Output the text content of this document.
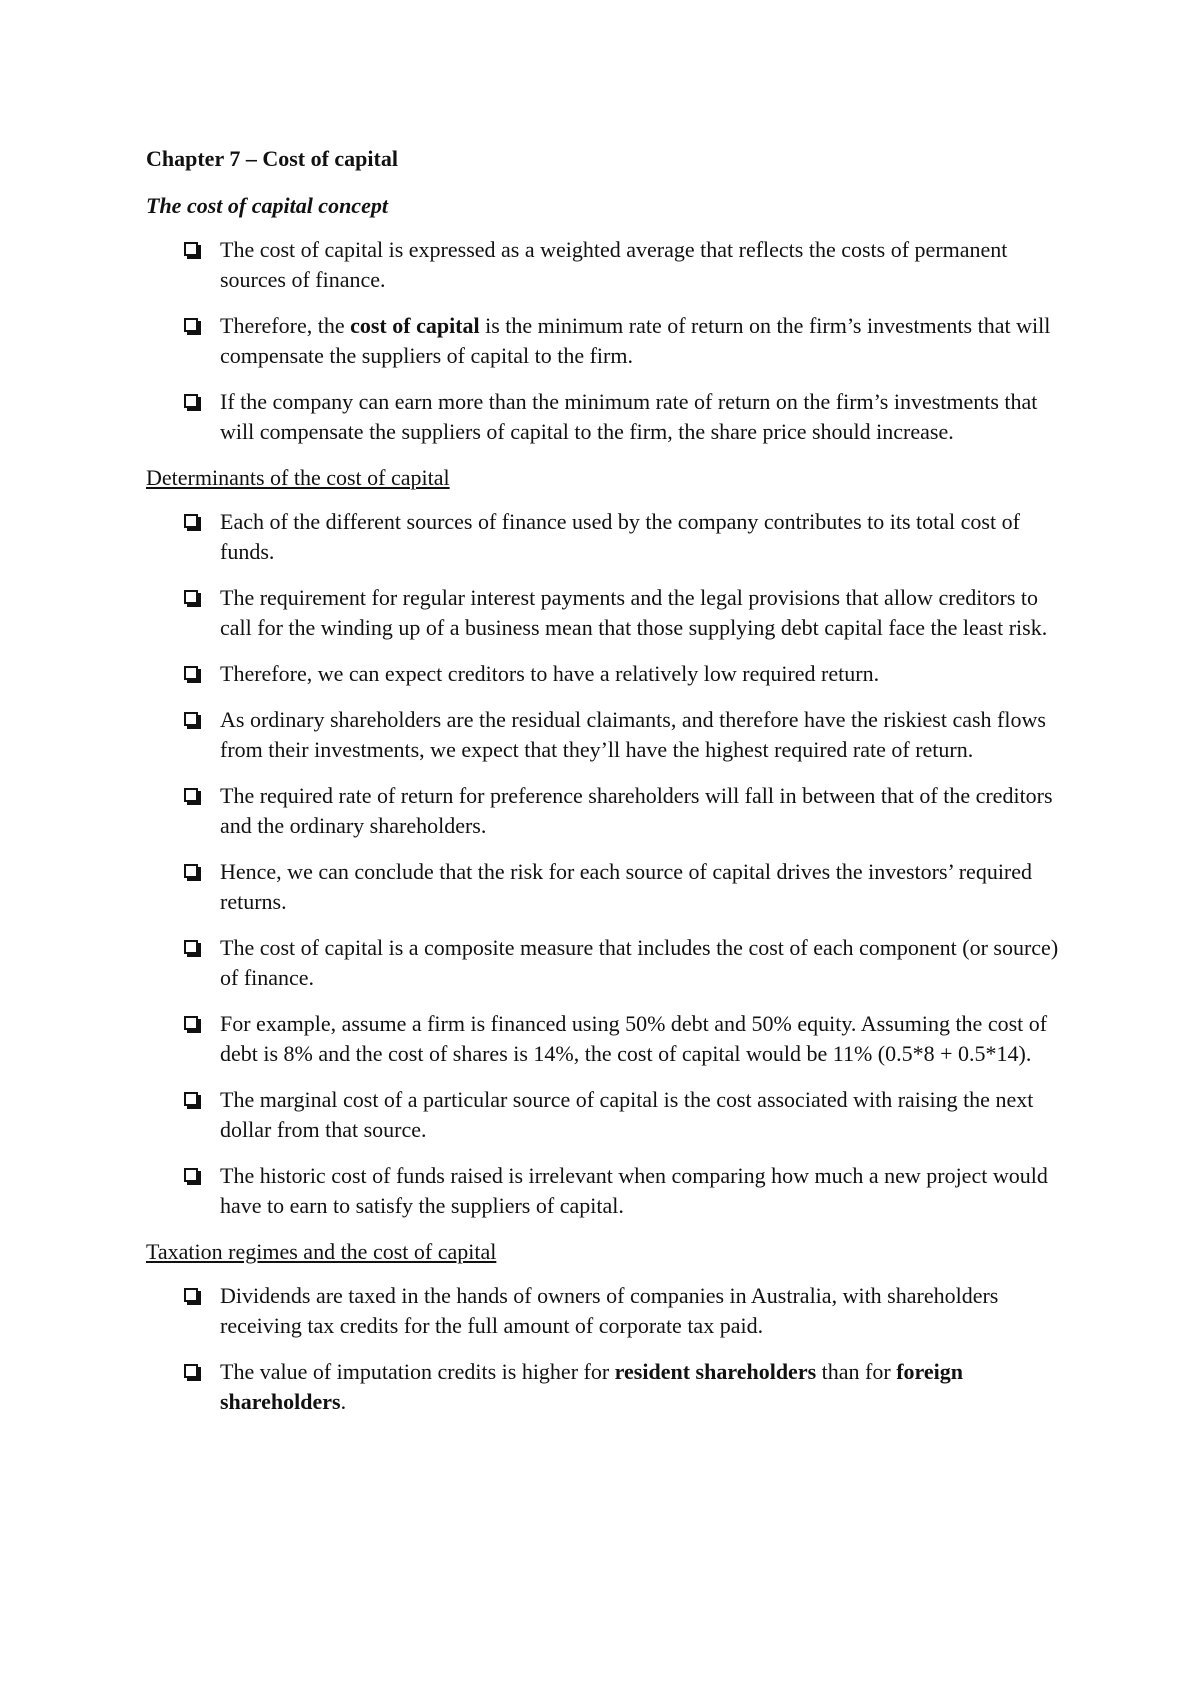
Chapter 7 – Cost of capital
The cost of capital concept
The cost of capital is expressed as a weighted average that reflects the costs of permanent sources of finance.
Therefore, the cost of capital is the minimum rate of return on the firm’s investments that will compensate the suppliers of capital to the firm.
If the company can earn more than the minimum rate of return on the firm’s investments that will compensate the suppliers of capital to the firm, the share price should increase.
Determinants of the cost of capital
Each of the different sources of finance used by the company contributes to its total cost of funds.
The requirement for regular interest payments and the legal provisions that allow creditors to call for the winding up of a business mean that those supplying debt capital face the least risk.
Therefore, we can expect creditors to have a relatively low required return.
As ordinary shareholders are the residual claimants, and therefore have the riskiest cash flows from their investments, we expect that they’ll have the highest required rate of return.
The required rate of return for preference shareholders will fall in between that of the creditors and the ordinary shareholders.
Hence, we can conclude that the risk for each source of capital drives the investors’ required returns.
The cost of capital is a composite measure that includes the cost of each component (or source) of finance.
For example, assume a firm is financed using 50% debt and 50% equity. Assuming the cost of debt is 8% and the cost of shares is 14%, the cost of capital would be 11% (0.5*8 + 0.5*14).
The marginal cost of a particular source of capital is the cost associated with raising the next dollar from that source.
The historic cost of funds raised is irrelevant when comparing how much a new project would have to earn to satisfy the suppliers of capital.
Taxation regimes and the cost of capital
Dividends are taxed in the hands of owners of companies in Australia, with shareholders receiving tax credits for the full amount of corporate tax paid.
The value of imputation credits is higher for resident shareholders than for foreign shareholders.
